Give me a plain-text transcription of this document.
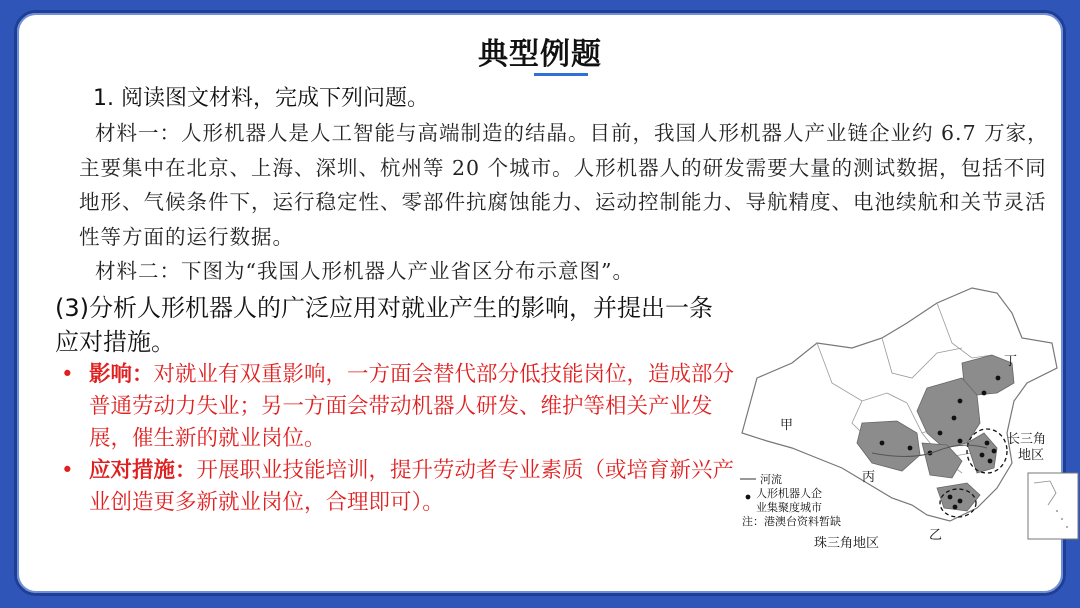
典型例题
1. 阅读图文材料，完成下列问题。

材料一：人形机器人是人工智能与高端制造的结晶。目前，我国人形机器人产业链企业约 6.7 万家，主要集中在北京、上海、深圳、杭州等 20 个城市。人形机器人的研发需要大量的测试数据，包括不同地形、气候条件下，运行稳定性、零部件抗腐蚀能力、运动控制能力、导航精度、电池续航和关节灵活性等方面的运行数据。

材料二：下图为“我国人形机器人产业省区分布示意图”。

(3)分析人形机器人的广泛应用对就业产生的影响，并提出一条应对措施。
• 影响：对就业有双重影响，一方面会替代部分低技能岗位，造成部分普通劳动力失业；另一方面会带动机器人研发、维护等相关产业发展，催生新的就业岗位。
• 应对措施：开展职业技能培训，提升劳动者专业素质（或培育新兴产业创造更多新就业岗位，合理即可）。
甲
丙
丁
乙
长三角
地区
珠三角地区
河流
人形机器人企
业集聚度城市
注：港澳台资料暂缺
